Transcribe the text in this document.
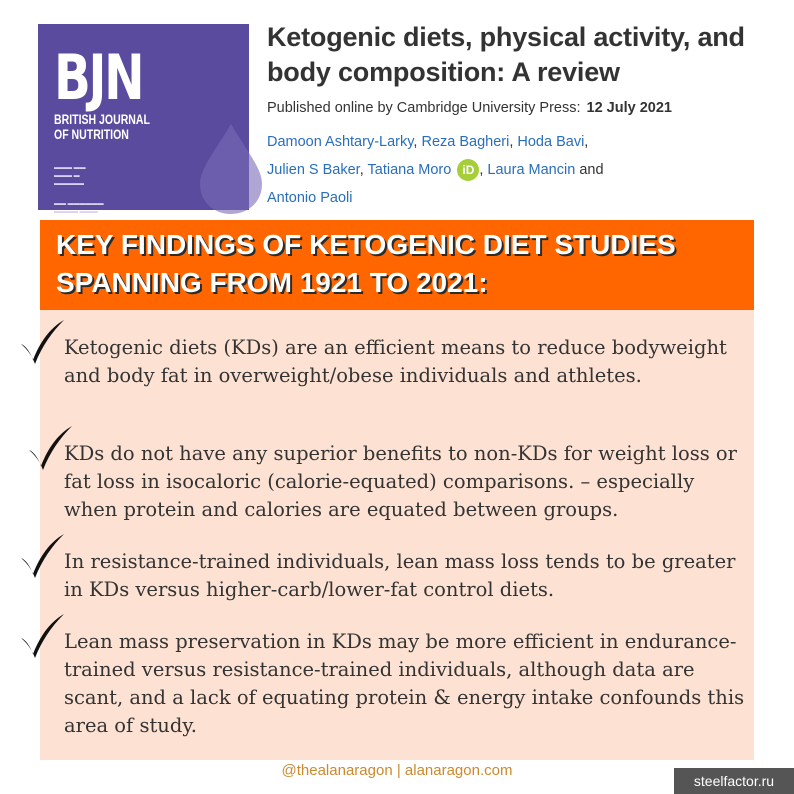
BJN
BRITISH JOURNAL
OF NUTRITION
▬▬▬ ▬▬
▬▬▬ ▬
▬▬▬▬▬
▬▬ ▬▬▬▬▬▬
▬▬▬▬ ▬▬▬
Ketogenic diets, physical activity, and body composition: A review
Published online by Cambridge University Press: 12 July 2021
Damoon Ashtary-Larky, Reza Bagheri, Hoda Bavi,
Julien S Baker, Tatiana Moro iD , Laura Mancin and
Antonio Paoli
KEY FINDINGS OF KETOGENIC DIET STUDIES
SPANNING FROM 1921 TO 2021:
Ketogenic diets (KDs) are an efficient means to reduce bodyweight and body fat in overweight/obese individuals and athletes.
KDs do not have any superior benefits to non-KDs for weight loss or fat loss in isocaloric (calorie-equated) comparisons. – especially when protein and calories are equated between groups.
In resistance-trained individuals, lean mass loss tends to be greater in KDs versus higher-carb/lower-fat control diets.
Lean mass preservation in KDs may be more efficient in endurance-trained versus resistance-trained individuals, although data are scant, and a lack of equating protein & energy intake confounds this area of study.
@thealanaragon | alanaragon.com
steelfactor.ru
